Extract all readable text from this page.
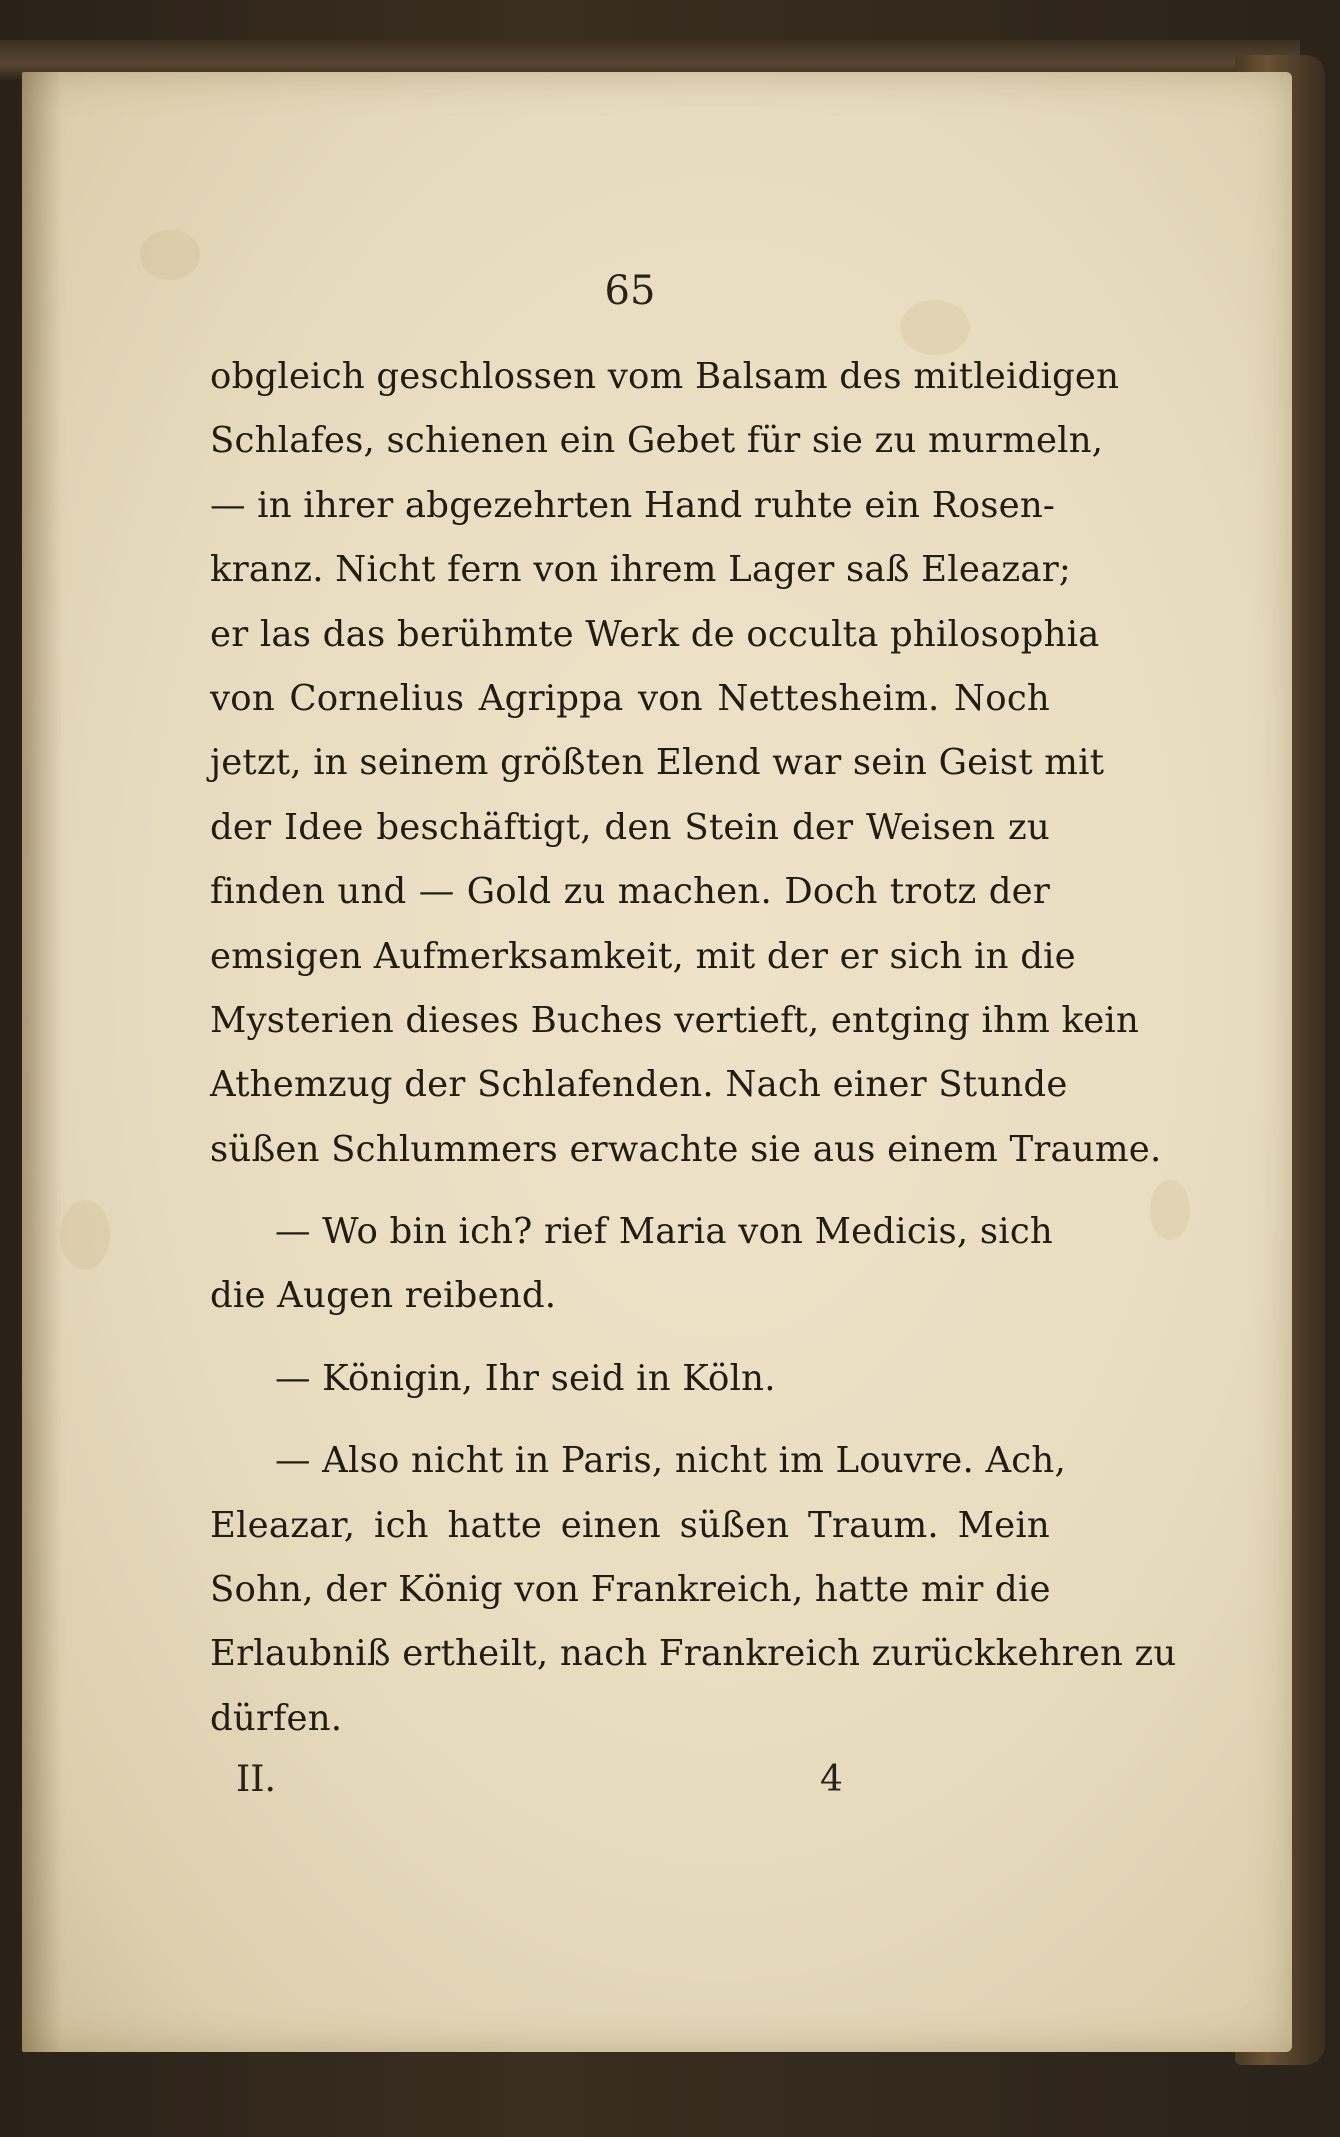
65
obgleich geschlossen vom Balsam des mitleidigen
Schlafes, schienen ein Gebet für sie zu murmeln,
— in ihrer abgezehrten Hand ruhte ein Rosen-
kranz. Nicht fern von ihrem Lager saß Eleazar;
er las das berühmte Werk de occulta philosophia
von Cornelius Agrippa von Nettesheim. Noch
jetzt, in seinem größten Elend war sein Geist mit
der Idee beschäftigt, den Stein der Weisen zu
finden und — Gold zu machen. Doch trotz der
emsigen Aufmerksamkeit, mit der er sich in die
Mysterien dieses Buches vertieft, entging ihm kein
Athemzug der Schlafenden. Nach einer Stunde
süßen Schlummers erwachte sie aus einem Traume.
— Wo bin ich? rief Maria von Medicis, sich
die Augen reibend.
— Königin, Ihr seid in Köln.
— Also nicht in Paris, nicht im Louvre. Ach,
Eleazar, ich hatte einen süßen Traum. Mein
Sohn, der König von Frankreich, hatte mir die
Erlaubniß ertheilt, nach Frankreich zurückkehren zu
dürfen.
II.	4
